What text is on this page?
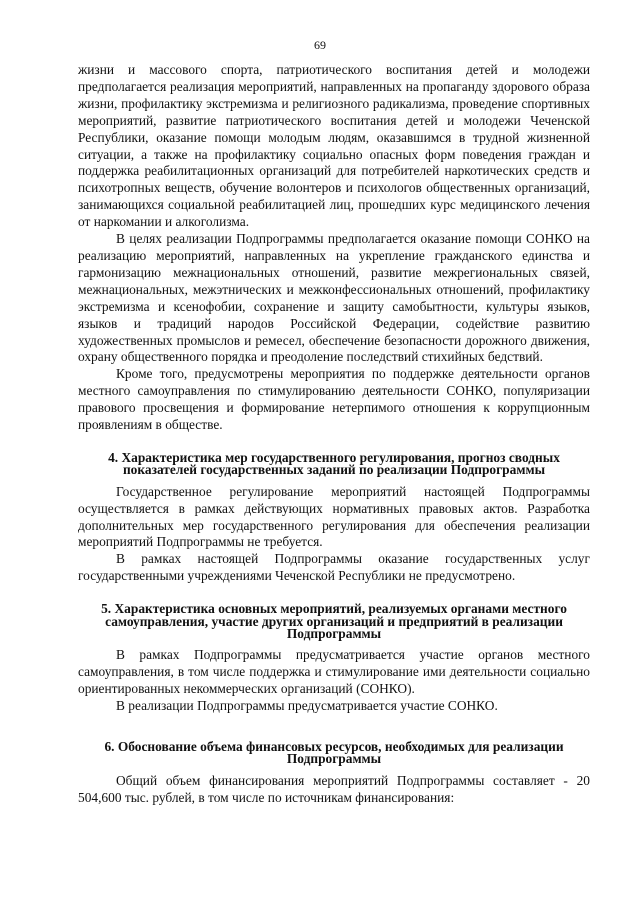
69

жизни и массового спорта, патриотического воспитания детей и молодежи предполагается реализация мероприятий, направленных на пропаганду здорового образа жизни, профилактику экстремизма и религиозного радикализма, проведение спортивных мероприятий, развитие патриотического воспитания детей и молодежи Чеченской Республики, оказание помощи молодым людям, оказавшимся в трудной жизненной ситуации, а также на профилактику социально опасных форм поведения граждан и поддержка реабилитационных организаций для потребителей наркотических средств и психотропных веществ, обучение волонтеров и психологов общественных организаций, занимающихся социальной реабилитацией лиц, прошедших курс медицинского лечения от наркомании и алкоголизма.

В целях реализации Подпрограммы предполагается оказание помощи СОНКО на реализацию мероприятий, направленных на укрепление гражданского единства и гармонизацию межнациональных отношений, развитие межрегиональных связей, межнациональных, межэтнических и межконфессиональных отношений, профилактику экстремизма и ксенофобии, сохранение и защиту самобытности, культуры языков, языков и традиций народов Российской Федерации, содействие развитию художественных промыслов и ремесел, обеспечение безопасности дорожного движения, охрану общественного порядка и преодоление последствий стихийных бедствий.

Кроме того, предусмотрены мероприятия по поддержке деятельности органов местного самоуправления по стимулированию деятельности СОНКО, популяризации правового просвещения и формирование нетерпимого отношения к коррупционным проявлениям в обществе.

4. Характеристика мер государственного регулирования, прогноз сводных показателей государственных заданий по реализации Подпрограммы

Государственное регулирование мероприятий настоящей Подпрограммы осуществляется в рамках действующих нормативных правовых актов. Разработка дополнительных мер государственного регулирования для обеспечения реализации мероприятий Подпрограммы не требуется.

В рамках настоящей Подпрограммы оказание государственных услуг государственными учреждениями Чеченской Республики не предусмотрено.

5. Характеристика основных мероприятий, реализуемых органами местного самоуправления, участие других организаций и предприятий в реализации Подпрограммы

В рамках Подпрограммы предусматривается участие органов местного самоуправления, в том числе поддержка и стимулирование ими деятельности социально ориентированных некоммерческих организаций (СОНКО).

В реализации Подпрограммы предусматривается участие СОНКО.

6. Обоснование объема финансовых ресурсов, необходимых для реализации Подпрограммы

Общий объем финансирования мероприятий Подпрограммы составляет - 20 504,600 тыс. рублей, в том числе по источникам финансирования:
